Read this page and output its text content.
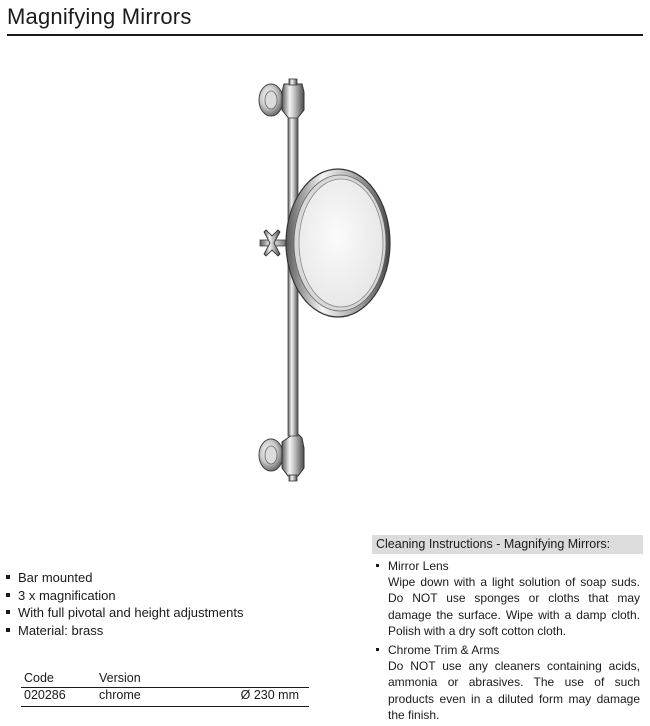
Magnifying Mirrors
Bar mounted
3 x magnification
With full pivotal and height adjustments
Material: brass
Code	Version
020286	chrome	Ø 230 mm
Cleaning Instructions - Magnifying Mirrors:
Mirror Lens
Wipe down with a light solution of soap suds. Do NOT use sponges or cloths that may damage the surface. Wipe with a damp cloth. Polish with a dry soft cotton cloth.
Chrome Trim & Arms
Do NOT use any cleaners containing acids, ammonia or abrasives. The use of such products even in a diluted form may damage the finish.
